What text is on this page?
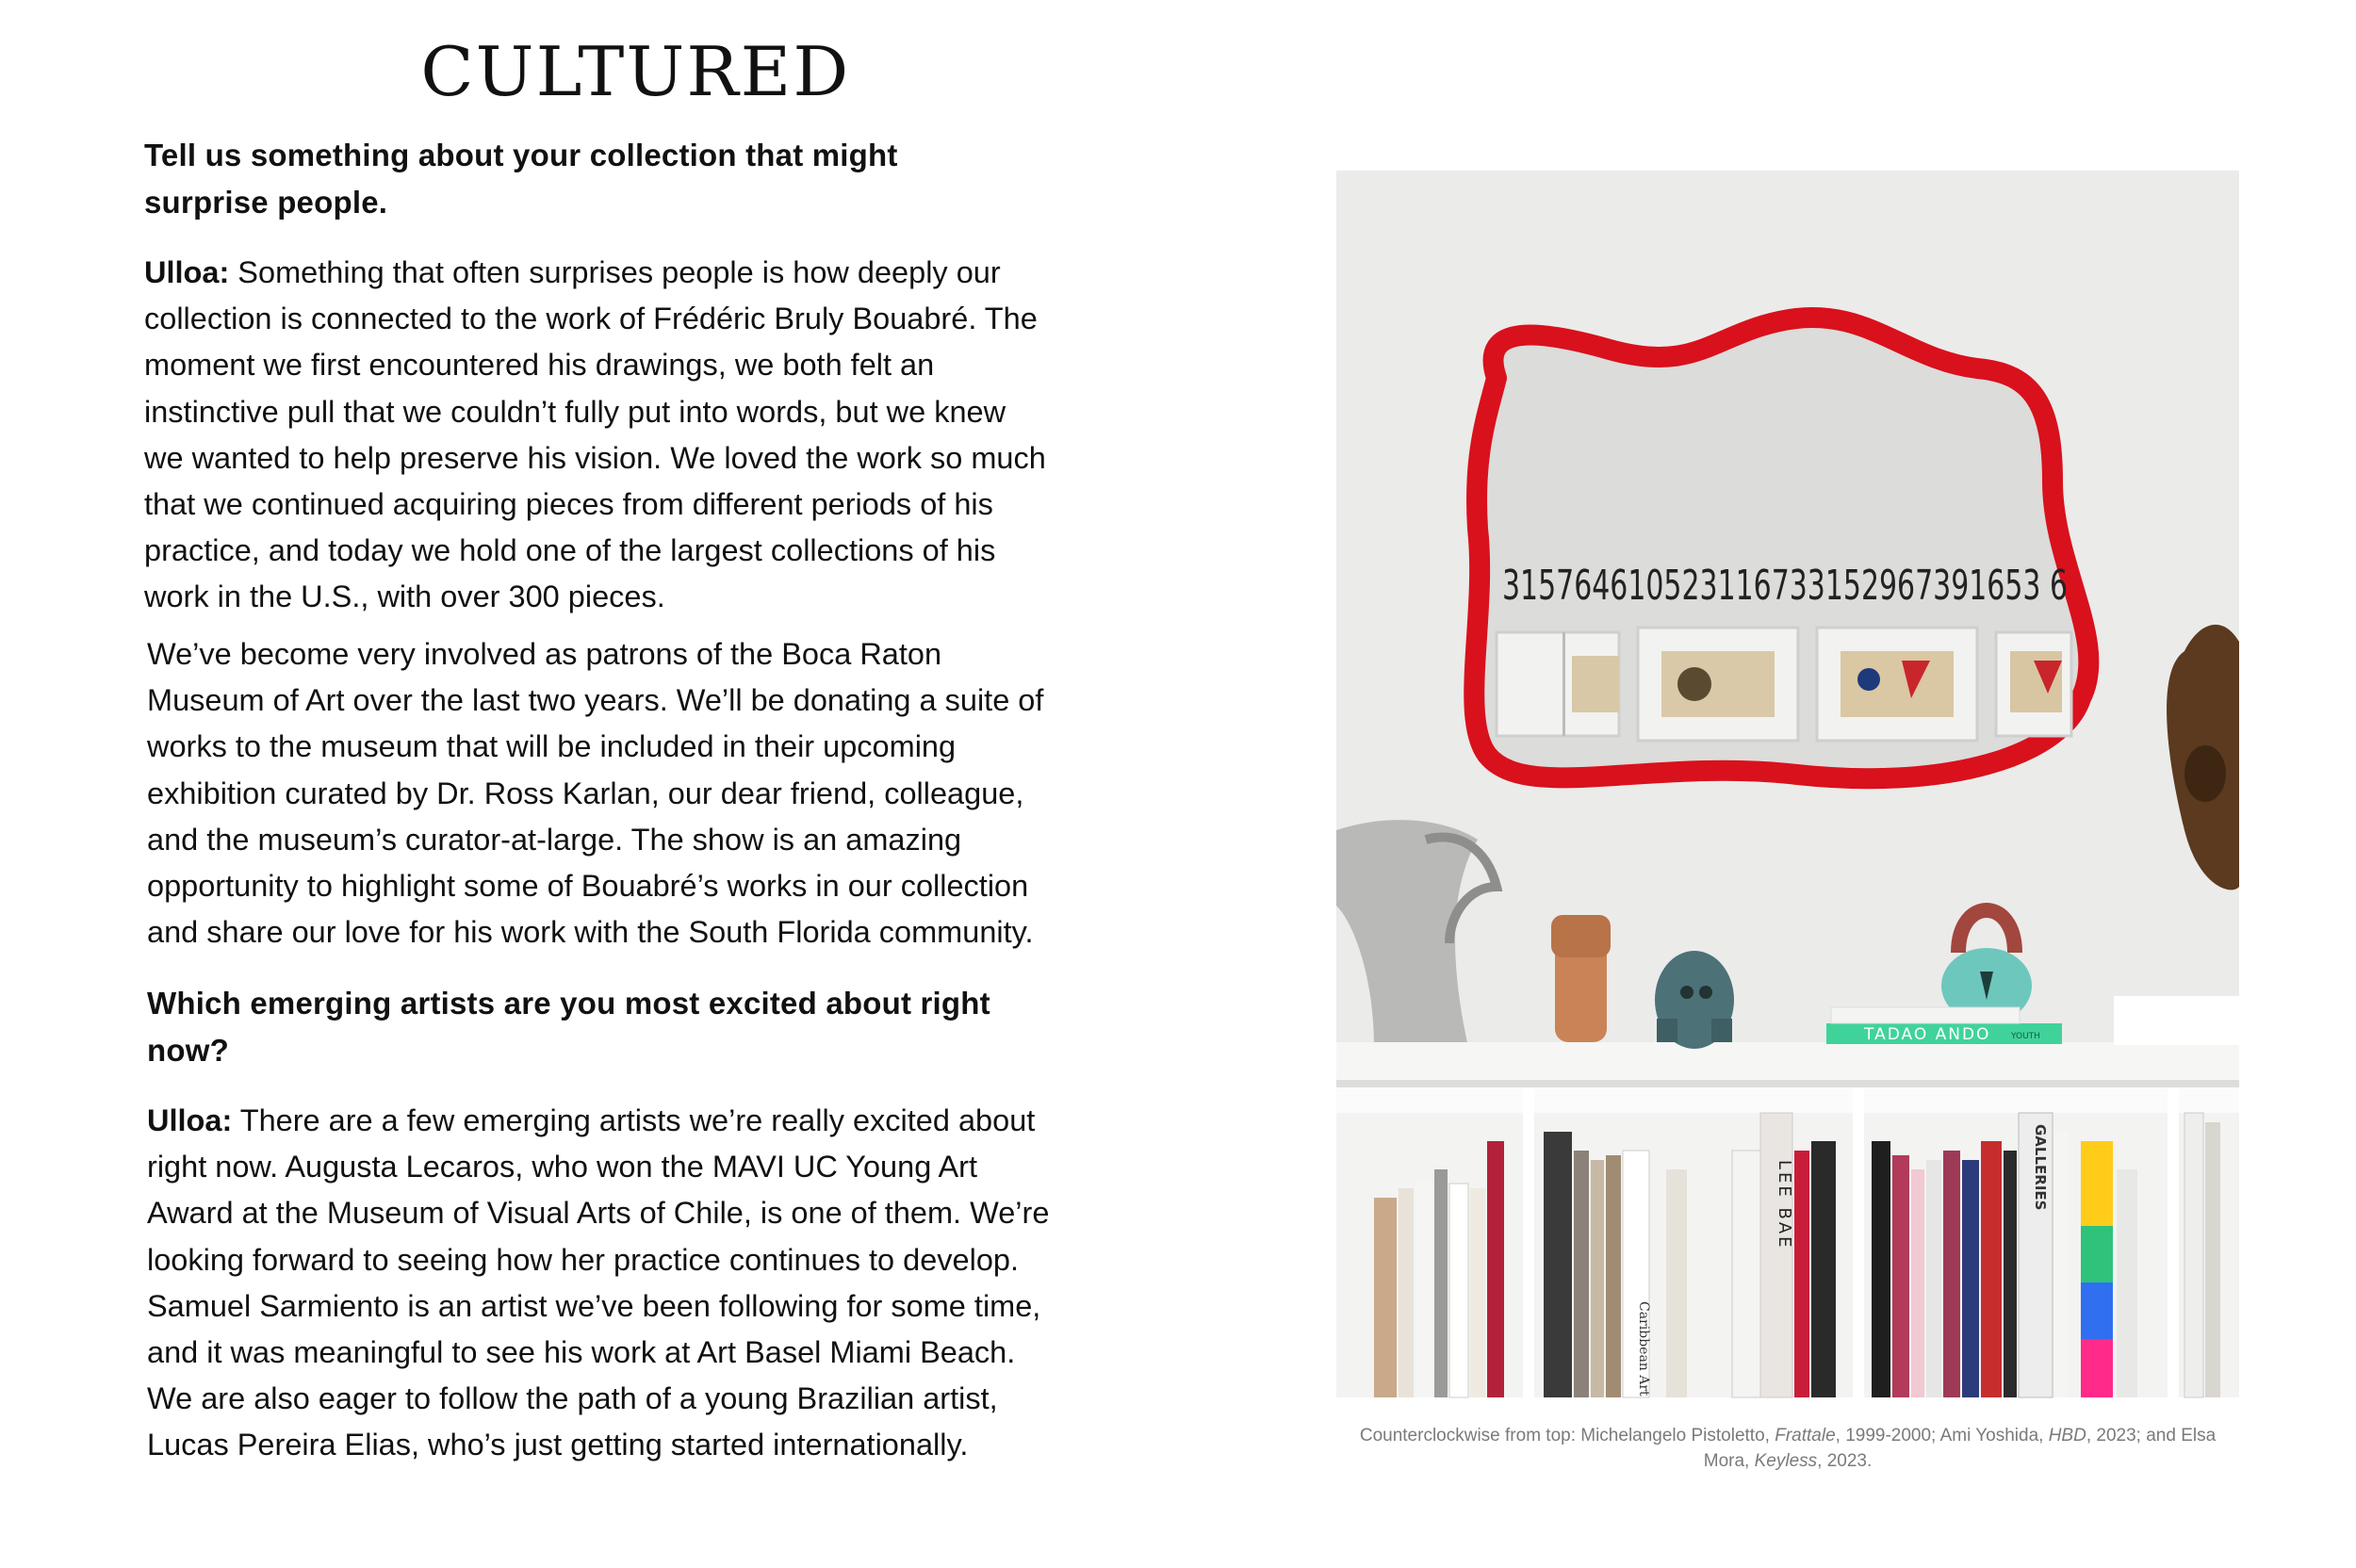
CULTURED

Tell us something about your collection that might surprise people.

Ulloa: Something that often surprises people is how deeply our collection is connected to the work of Frédéric Bruly Bouabré. The moment we first encountered his drawings, we both felt an instinctive pull that we couldn’t fully put into words, but we knew we wanted to help preserve his vision. We loved the work so much that we continued acquiring pieces from different periods of his practice, and today we hold one of the largest collections of his work in the U.S., with over 300 pieces.

We’ve become very involved as patrons of the Boca Raton Museum of Art over the last two years. We’ll be donating a suite of works to the museum that will be included in their upcoming exhibition curated by Dr. Ross Karlan, our dear friend, colleague, and the museum’s curator-at-large. The show is an amazing opportunity to highlight some of Bouabré’s works in our collection and share our love for his work with the South Florida community.

Which emerging artists are you most excited about right now?

Ulloa: There are a few emerging artists we’re really excited about right now. Augusta Lecaros, who won the MAVI UC Young Art Award at the Museum of Visual Arts of Chile, is one of them. We’re looking forward to seeing how her practice continues to develop. Samuel Sarmiento is an artist we’ve been following for some time, and it was meaningful to see his work at Art Basel Miami Beach. We are also eager to follow the path of a young Brazilian artist, Lucas Pereira Elias, who’s just getting started internationally.

315764610523116733152967391653 6
TADAO ANDO YOUTH
Caribbean Art
LEE BAE	GALLERIES
Counterclockwise from top: Michelangelo Pistoletto, Frattale, 1999-2000; Ami Yoshida, HBD, 2023; and Elsa Mora, Keyless, 2023.
